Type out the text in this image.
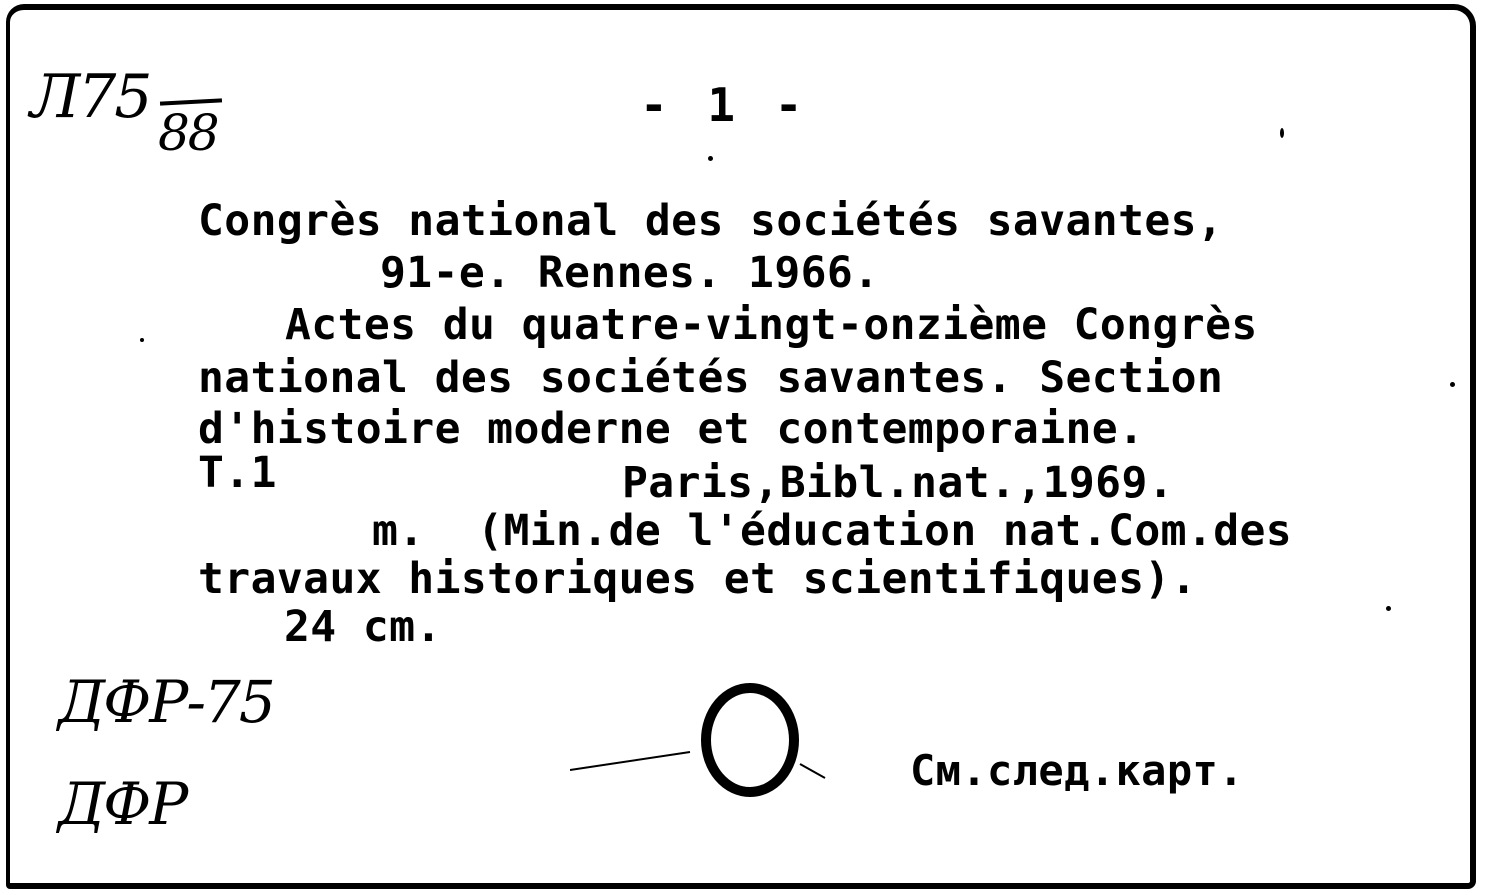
Л75
88	- 1 -
Congrès national des sociétés savantes,
91-e. Rennes. 1966.
Actes du quatre-vingt-onzième Congrès
national des sociétés savantes. Section
d'histoire moderne et contemporaine.
T.1	Paris,Bibl.nat.,1969.
m.  (Min.de l'éducation nat.Com.des
travaux historiques et scientifiques).
24 cm.
ДФР-75
ДФР	См.след.карт.
